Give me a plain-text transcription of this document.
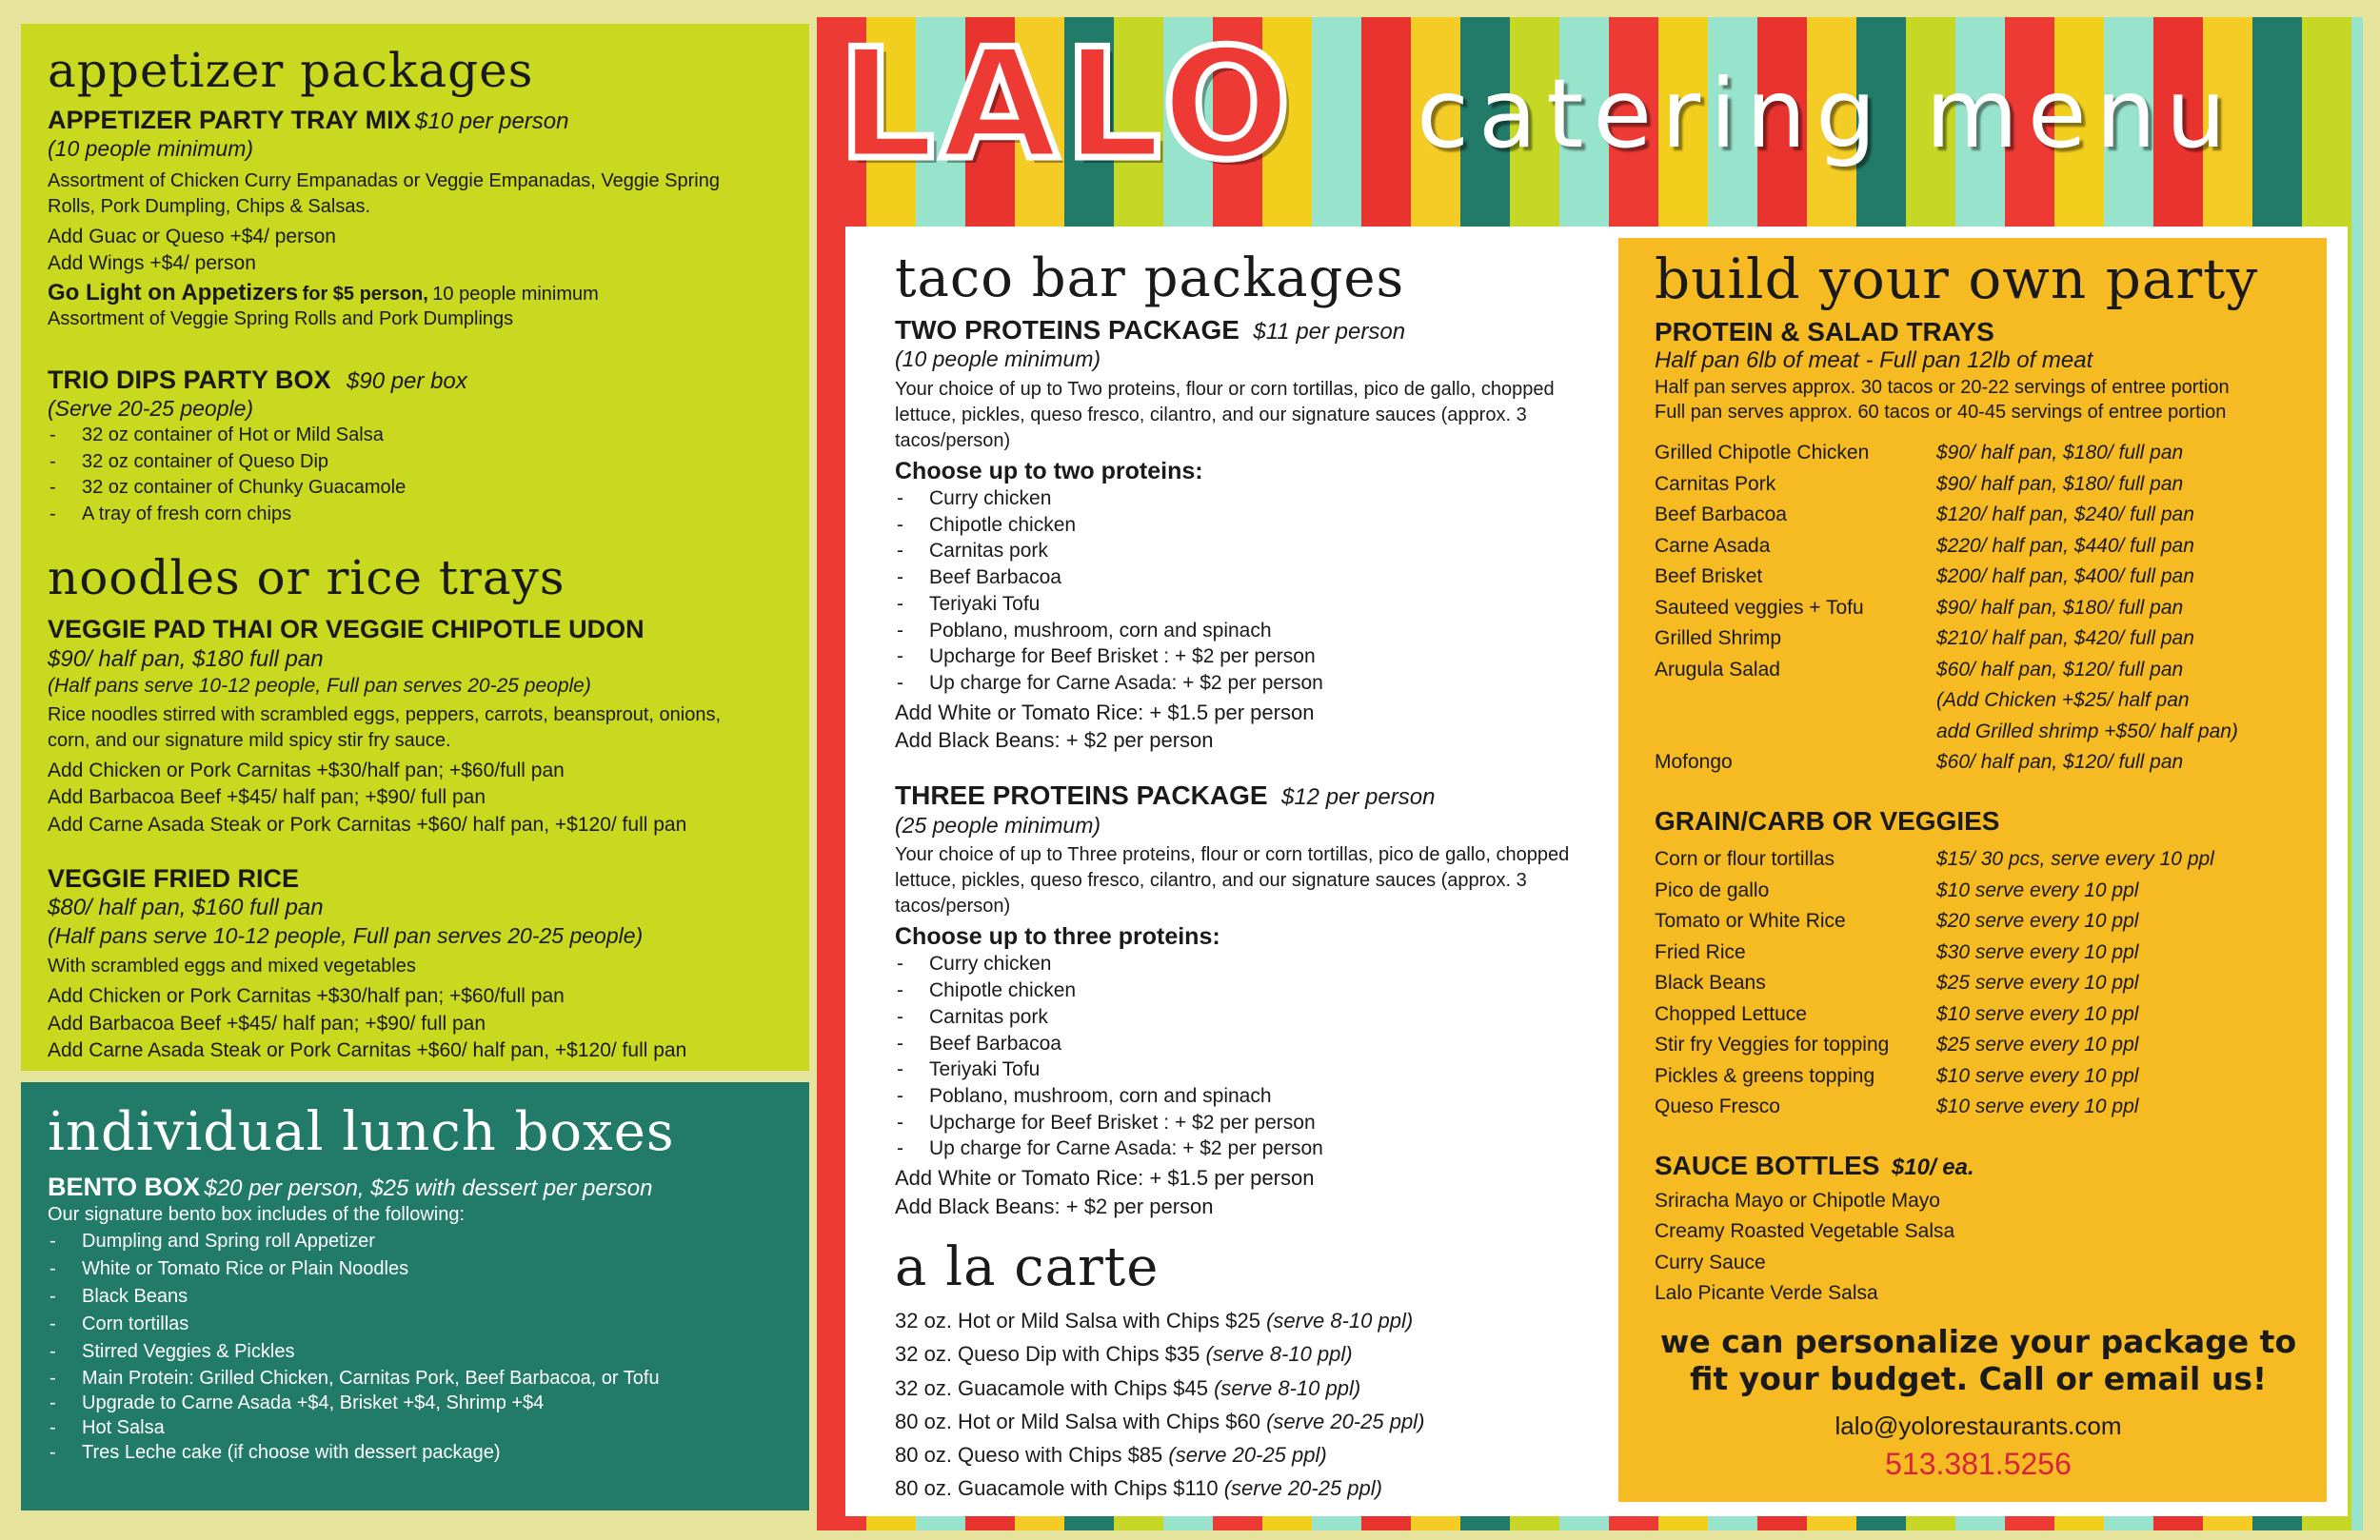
appetizer packages
APPETIZER PARTY TRAY MIX $10 per person
(10 people minimum)
Assortment of Chicken Curry Empanadas or Veggie Empanadas, Veggie Spring Rolls, Pork Dumpling, Chips & Salsas.
Add Guac or Queso +$4/ person
Add Wings +$4/ person
Go Light on Appetizers for $5 person, 10 people minimum
Assortment of Veggie Spring Rolls and Pork Dumplings
TRIO DIPS PARTY BOX $90 per box
(Serve 20-25 people)
- 32 oz container of Hot or Mild Salsa
- 32 oz container of Queso Dip
- 32 oz container of Chunky Guacamole
- A tray of fresh corn chips
noodles or rice trays
VEGGIE PAD THAI OR VEGGIE CHIPOTLE UDON
$90/ half pan, $180 full pan
(Half pans serve 10-12 people, Full pan serves 20-25 people)
Rice noodles stirred with scrambled eggs, peppers, carrots, beansprout, onions, corn, and our signature mild spicy stir fry sauce.
Add Chicken or Pork Carnitas +$30/half pan; +$60/full pan
Add Barbacoa Beef +$45/ half pan; +$90/ full pan
Add Carne Asada Steak or Pork Carnitas +$60/ half pan, +$120/ full pan
VEGGIE FRIED RICE
$80/ half pan, $160 full pan
(Half pans serve 10-12 people, Full pan serves 20-25 people)
With scrambled eggs and mixed vegetables
Add Chicken or Pork Carnitas +$30/half pan; +$60/full pan
Add Barbacoa Beef +$45/ half pan; +$90/ full pan
Add Carne Asada Steak or Pork Carnitas +$60/ half pan, +$120/ full pan
individual lunch boxes
BENTO BOX $20 per person, $25 with dessert per person
Our signature bento box includes of the following:
- Dumpling and Spring roll Appetizer
- White or Tomato Rice or Plain Noodles
- Black Beans
- Corn tortillas
- Stirred Veggies & Pickles
- Main Protein: Grilled Chicken, Carnitas Pork, Beef Barbacoa, or Tofu
- Upgrade to Carne Asada +$4, Brisket +$4, Shrimp +$4
- Hot Salsa
- Tres Leche cake (if choose with dessert package)
LALO catering menu
taco bar packages
TWO PROTEINS PACKAGE $11 per person
(10 people minimum)
Your choice of up to Two proteins, flour or corn tortillas, pico de gallo, chopped lettuce, pickles, queso fresco, cilantro, and our signature sauces (approx. 3 tacos/person)
Choose up to two proteins:
- Curry chicken
- Chipotle chicken
- Carnitas pork
- Beef Barbacoa
- Teriyaki Tofu
- Poblano, mushroom, corn and spinach
- Upcharge for Beef Brisket : + $2 per person
- Up charge for Carne Asada: + $2 per person
Add White or Tomato Rice: + $1.5 per person
Add Black Beans: + $2 per person
THREE PROTEINS PACKAGE $12 per person
(25 people minimum)
Your choice of up to Three proteins, flour or corn tortillas, pico de gallo, chopped lettuce, pickles, queso fresco, cilantro, and our signature sauces (approx. 3 tacos/person)
Choose up to three proteins:
- Curry chicken
- Chipotle chicken
- Carnitas pork
- Beef Barbacoa
- Teriyaki Tofu
- Poblano, mushroom, corn and spinach
- Upcharge for Beef Brisket : + $2 per person
- Up charge for Carne Asada: + $2 per person
Add White or Tomato Rice: + $1.5 per person
Add Black Beans: + $2 per person
a la carte
32 oz. Hot or Mild Salsa with Chips $25 (serve 8-10 ppl)
32 oz. Queso Dip with Chips $35 (serve 8-10 ppl)
32 oz. Guacamole with Chips $45 (serve 8-10 ppl)
80 oz. Hot or Mild Salsa with Chips $60 (serve 20-25 ppl)
80 oz. Queso with Chips $85 (serve 20-25 ppl)
80 oz. Guacamole with Chips $110 (serve 20-25 ppl)
build your own party
PROTEIN & SALAD TRAYS
Half pan 6lb of meat - Full pan 12lb of meat
Half pan serves approx. 30 tacos or 20-22 servings of entree portion
Full pan serves approx. 60 tacos or 40-45 servings of entree portion
Grilled Chipotle Chicken	$90/ half pan, $180/ full pan
Carnitas Pork	$90/ half pan, $180/ full pan
Beef Barbacoa	$120/ half pan, $240/ full pan
Carne Asada	$220/ half pan, $440/ full pan
Beef Brisket	$200/ half pan, $400/ full pan
Sauteed veggies + Tofu	$90/ half pan, $180/ full pan
Grilled Shrimp	$210/ half pan, $420/ full pan
Arugula Salad	$60/ half pan, $120/ full pan
	(Add Chicken +$25/ half pan
	add Grilled shrimp +$50/ half pan)
Mofongo	$60/ half pan, $120/ full pan
GRAIN/CARB OR VEGGIES
Corn or flour tortillas	$15/ 30 pcs, serve every 10 ppl
Pico de gallo	$10 serve every 10 ppl
Tomato or White Rice	$20 serve every 10 ppl
Fried Rice	$30 serve every 10 ppl
Black Beans	$25 serve every 10 ppl
Chopped Lettuce	$10 serve every 10 ppl
Stir fry Veggies for topping	$25 serve every 10 ppl
Pickles & greens topping	$10 serve every 10 ppl
Queso Fresco	$10 serve every 10 ppl
SAUCE BOTTLES $10/ ea.
Sriracha Mayo or Chipotle Mayo
Creamy Roasted Vegetable Salsa
Curry Sauce
Lalo Picante Verde Salsa
we can personalize your package to
fit your budget. Call or email us!
lalo@yolorestaurants.com
513.381.5256
